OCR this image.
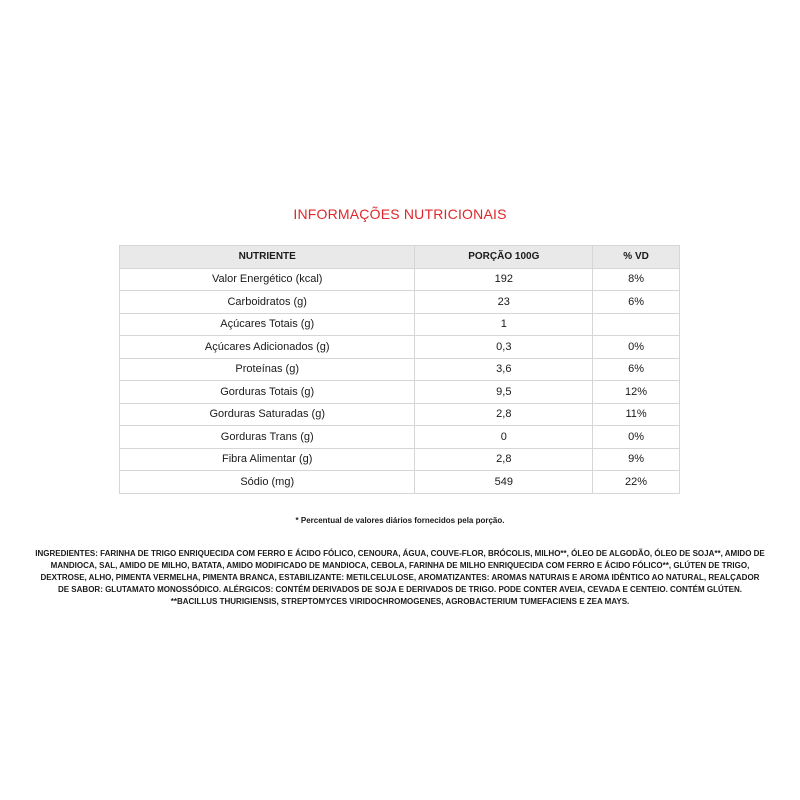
INFORMAÇÕES NUTRICIONAIS
NUTRIENTE	PORÇÃO 100G	% VD
Valor Energético (kcal)	192	8%
Carboidratos (g)	23	6%
Açúcares Totais (g)	1	
Açúcares Adicionados (g)	0,3	0%
Proteínas (g)	3,6	6%
Gorduras Totais (g)	9,5	12%
Gorduras Saturadas (g)	2,8	11%
Gorduras Trans (g)	0	0%
Fibra Alimentar (g)	2,8	9%
Sódio (mg)	549	22%
* Percentual de valores diários fornecidos pela porção.
INGREDIENTES: FARINHA DE TRIGO ENRIQUECIDA COM FERRO E ÁCIDO FÓLICO, CENOURA, ÁGUA, COUVE-FLOR, BRÓCOLIS, MILHO**, ÓLEO DE ALGODÃO, ÓLEO DE SOJA**, AMIDO DE
MANDIOCA, SAL, AMIDO DE MILHO, BATATA, AMIDO MODIFICADO DE MANDIOCA, CEBOLA, FARINHA DE MILHO ENRIQUECIDA COM FERRO E ÁCIDO FÓLICO**, GLÚTEN DE TRIGO,
DEXTROSE, ALHO, PIMENTA VERMELHA, PIMENTA BRANCA, ESTABILIZANTE: METILCELULOSE, AROMATIZANTES: AROMAS NATURAIS E AROMA IDÊNTICO AO NATURAL, REALÇADOR
DE SABOR: GLUTAMATO MONOSSÓDICO. ALÉRGICOS: CONTÉM DERIVADOS DE SOJA E DERIVADOS DE TRIGO. PODE CONTER AVEIA, CEVADA E CENTEIO. CONTÉM GLÚTEN.
**BACILLUS THURIGIENSIS, STREPTOMYCES VIRIDOCHROMOGENES, AGROBACTERIUM TUMEFACIENS E ZEA MAYS.
